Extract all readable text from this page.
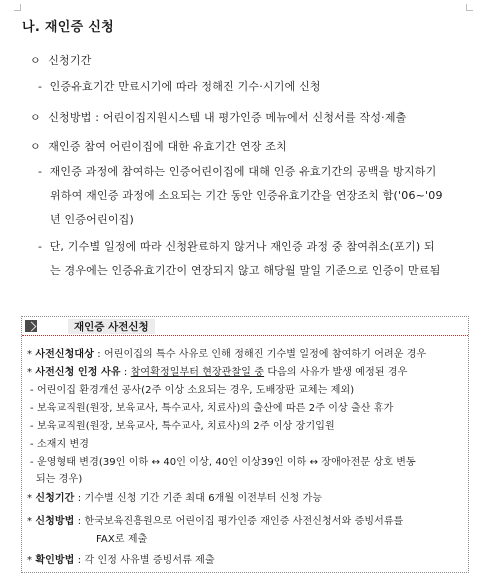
나. 재인증 신청
ㅇ 신청기간
- 인증유효기간 만료시기에 따라 정해진 기수·시기에 신청
ㅇ 신청방법 : 어린이집지원시스템 내 평가인증 메뉴에서 신청서를 작성·제출
ㅇ 재인증 참여 어린이집에 대한 유효기간 연장 조치
- 재인증 과정에 참여하는 인증어린이집에 대해 인증 유효기간의 공백을 방지하기
위하여 재인증 과정에 소요되는 기간 동안 인증유효기간을 연장조치 함('06~'09
년 인증어린이집)
- 단, 기수별 일정에 따라 신청완료하지 않거나 재인증 과정 중 참여취소(포기) 되
는 경우에는 인증유효기간이 연장되지 않고 해당월 말일 기준으로 인증이 만료됨
재인증 사전신청
* 사전신청대상 : 어린이집의 특수 사유로 인해 정해진 기수별 일정에 참여하기 어려운 경우
* 사전신청 인정 사유 : 참여확정일부터 현장관찰일 중 다음의 사유가 발생 예정된 경우
- 어린이집 환경개선 공사(2주 이상 소요되는 경우, 도배장판 교체는 제외)
- 보육교직원(원장, 보육교사, 특수교사, 치료사)의 출산에 따른 2주 이상 출산 휴가
- 보육교직원(원장, 보육교사, 특수교사, 치료사)의 2주 이상 장기입원
- 소재지 변경
- 운영형태 변경(39인 이하 ↔ 40인 이상, 40인 이상39인 이하 ↔ 장애아전문 상호 변동
되는 경우)
* 신청기간 : 기수별 신청 기간 기준 최대 6개월 이전부터 신청 가능
* 신청방법 : 한국보육진흥원으로 어린이집 평가인증 재인증 사전신청서와 증빙서류를
FAX로 제출
* 확인방법 : 각 인정 사유별 증빙서류 제출
